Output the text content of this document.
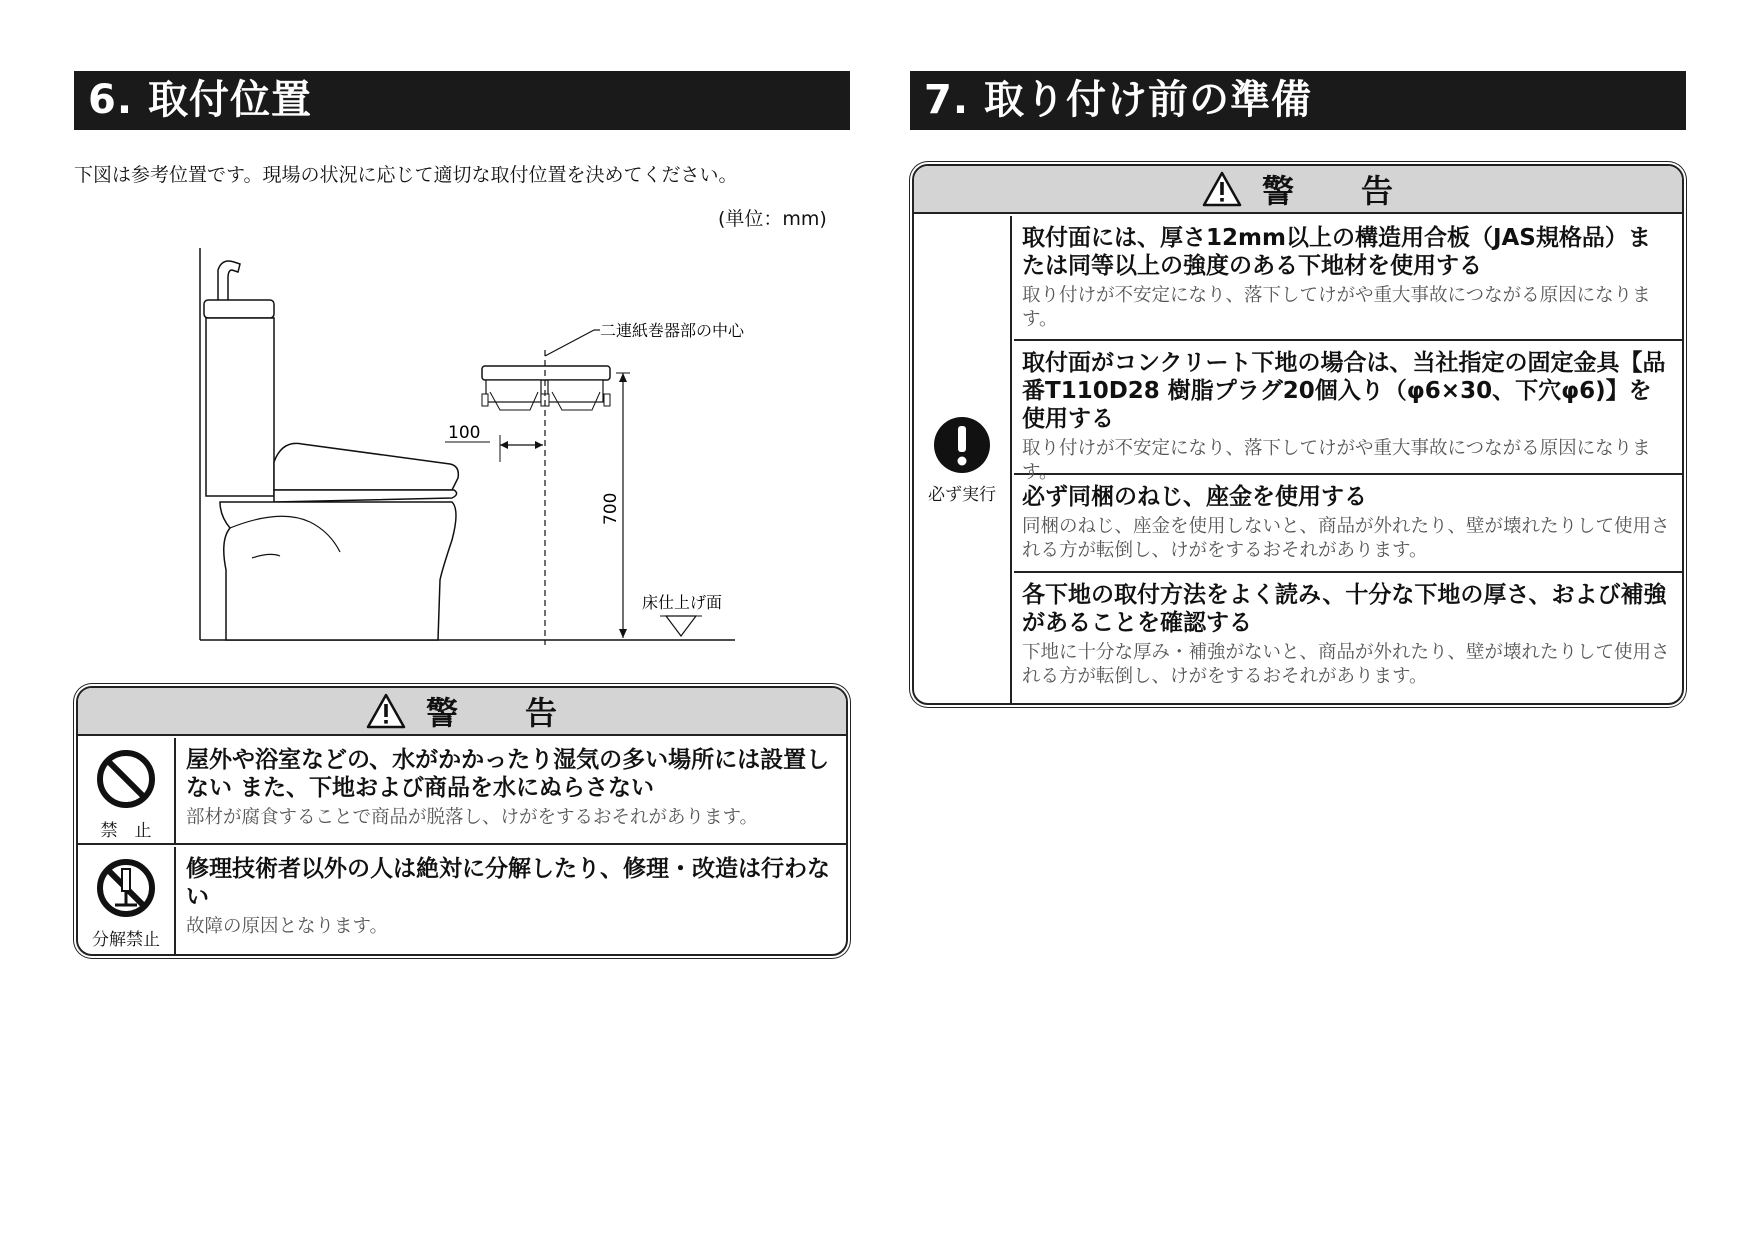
6. 取付位置
下図は参考位置です。現場の状況に応じて適切な取付位置を決めてください。
(単位：mm)
二連紙巻器部の中心
100
700
床仕上げ面
警　　告
禁　止
屋外や浴室などの、水がかかったり湿気の多い場所には設置しない また、下地および商品を水にぬらさない
部材が腐食することで商品が脱落し、けがをするおそれがあります。
分解禁止
修理技術者以外の人は絶対に分解したり、修理・改造は行わない
故障の原因となります。
7. 取り付け前の準備
警　　告
必ず実行
取付面には、厚さ12mm以上の構造用合板（JAS規格品）または同等以上の強度のある下地材を使用する
取り付けが不安定になり、落下してけがや重大事故につながる原因になります。
取付面がコンクリート下地の場合は、当社指定の固定金具【品番T110D28 樹脂プラグ20個入り（φ6×30、下穴φ6)】を使用する
取り付けが不安定になり、落下してけがや重大事故につながる原因になります。
必ず同梱のねじ、座金を使用する
同梱のねじ、座金を使用しないと、商品が外れたり、壁が壊れたりして使用される方が転倒し、けがをするおそれがあります。
各下地の取付方法をよく読み、十分な下地の厚さ、および補強があることを確認する
下地に十分な厚み・補強がないと、商品が外れたり、壁が壊れたりして使用される方が転倒し、けがをするおそれがあります。
